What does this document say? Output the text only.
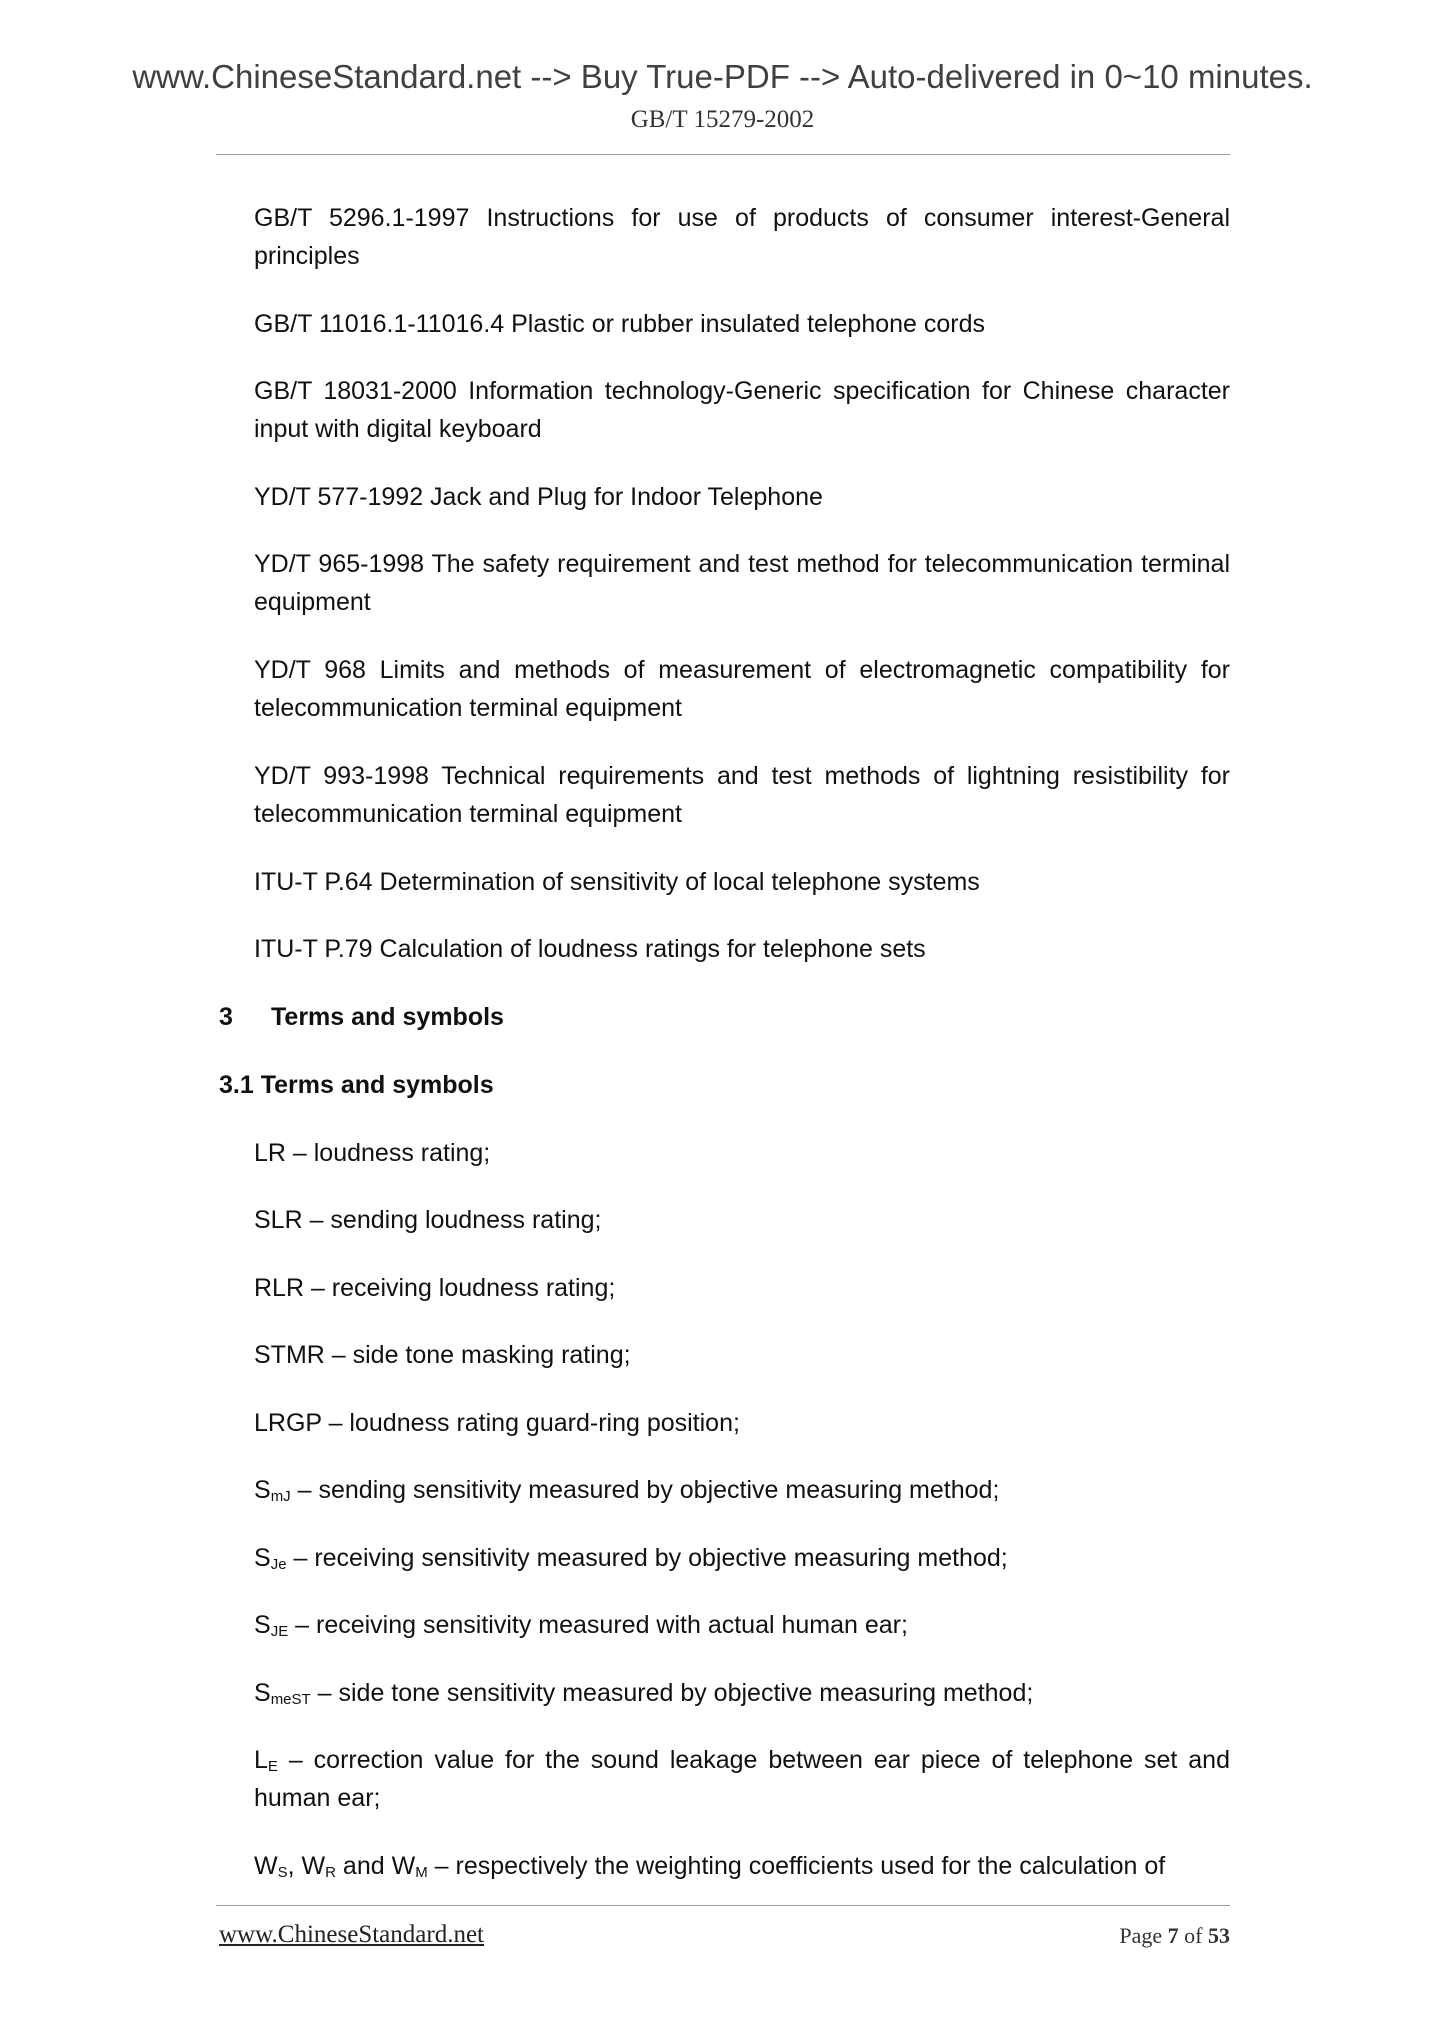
www.ChineseStandard.net --> Buy True-PDF --> Auto-delivered in 0~10 minutes.
GB/T 15279-2002
GB/T 5296.1-1997 Instructions for use of products of consumer interest-General principles
GB/T 11016.1-11016.4 Plastic or rubber insulated telephone cords
GB/T 18031-2000 Information technology-Generic specification for Chinese character input with digital keyboard
YD/T 577-1992 Jack and Plug for Indoor Telephone
YD/T 965-1998 The safety requirement and test method for telecommunication terminal equipment
YD/T 968 Limits and methods of measurement of electromagnetic compatibility for telecommunication terminal equipment
YD/T 993-1998 Technical requirements and test methods of lightning resistibility for telecommunication terminal equipment
ITU-T P.64 Determination of sensitivity of local telephone systems
ITU-T P.79 Calculation of loudness ratings for telephone sets
3 Terms and symbols
3.1 Terms and symbols
LR – loudness rating;
SLR – sending loudness rating;
RLR – receiving loudness rating;
STMR – side tone masking rating;
LRGP – loudness rating guard-ring position;
$S_{mJ}$ – sending sensitivity measured by objective measuring method;
$S_{Je}$ – receiving sensitivity measured by objective measuring method;
$S_{JE}$ – receiving sensitivity measured with actual human ear;
$S_{meST}$ – side tone sensitivity measured by objective measuring method;
$L_E$ – correction value for the sound leakage between ear piece of telephone set and human ear;
$W_S$, $W_R$ and $W_M$ – respectively the weighting coefficients used for the calculation of
www.ChineseStandard.net	Page 7 of 53
